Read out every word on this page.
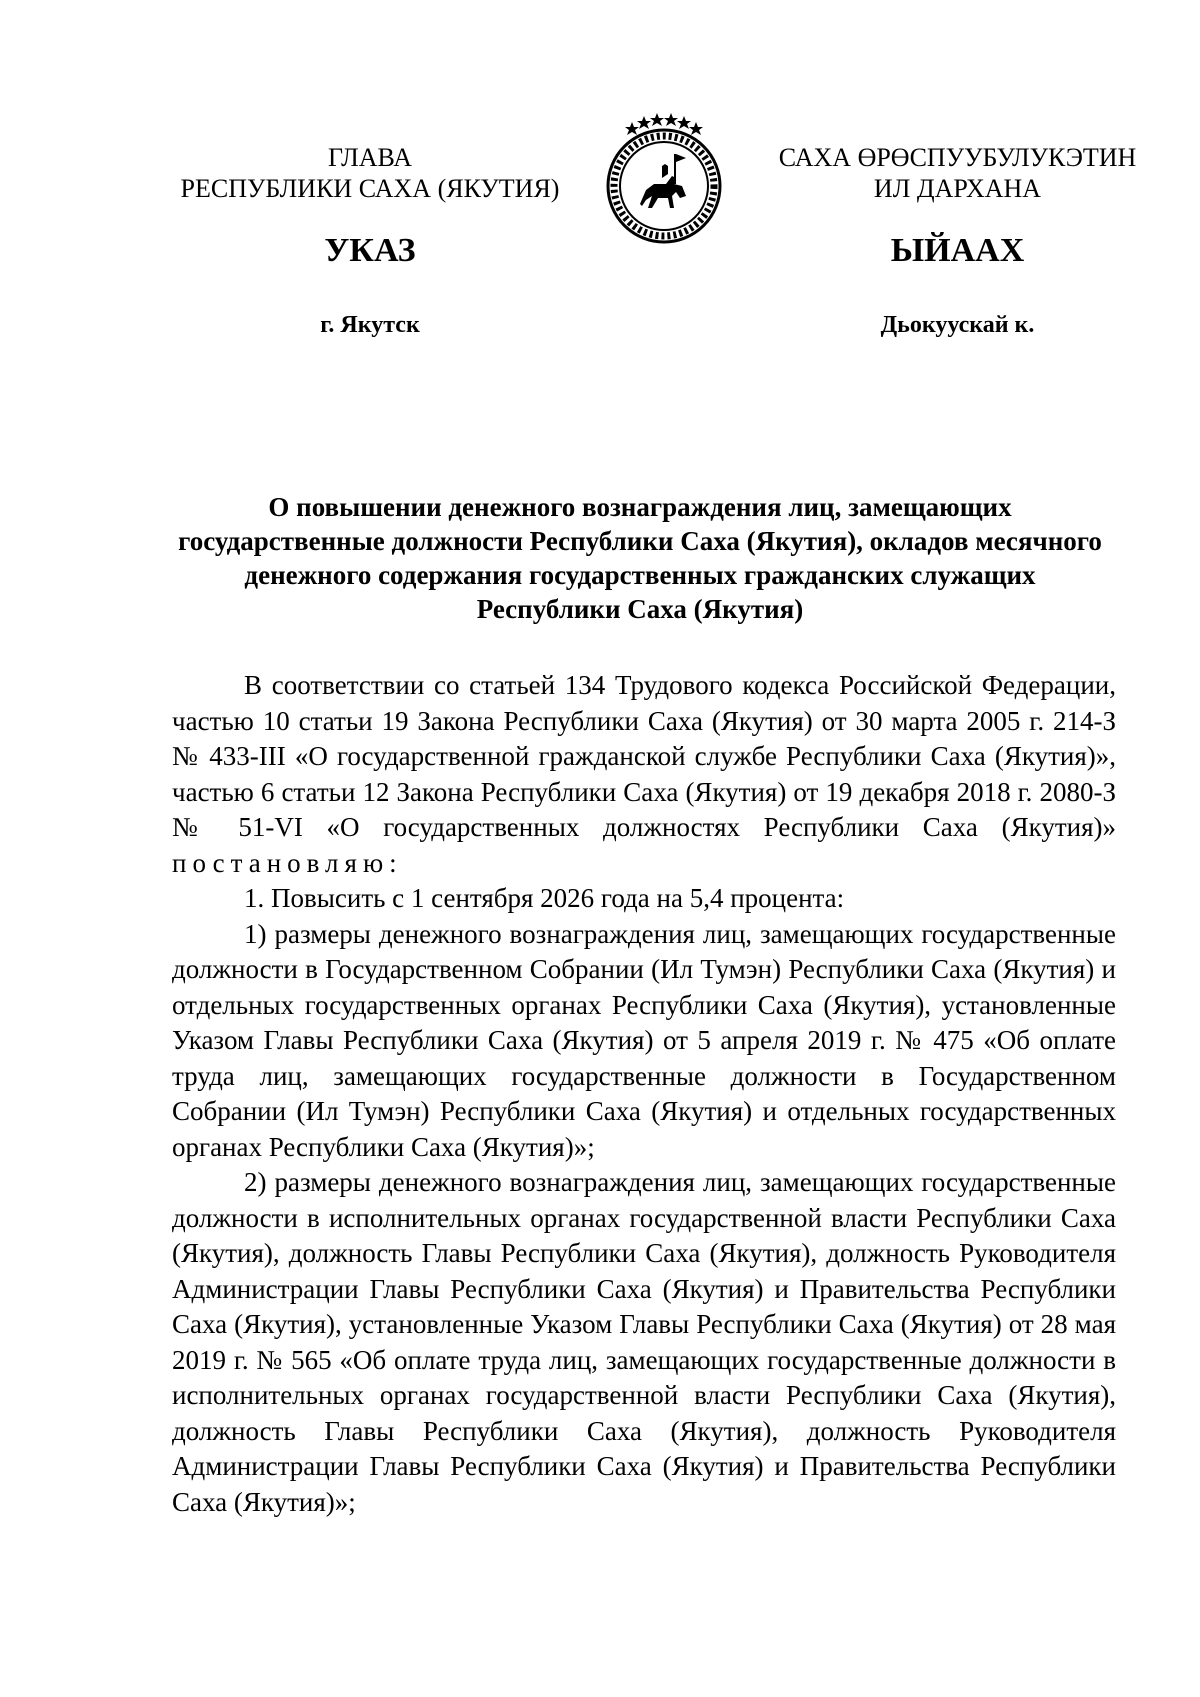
ГЛАВА
РЕСПУБЛИКИ САХА (ЯКУТИЯ)
САХА ӨРӨСПУУБУЛУКЭТИН
ИЛ ДАРХАНА
УКАЗ	ЫЙААХ
г. Якутск	Дьокуускай к.
О повышении денежного вознаграждения лиц, замещающих государственные должности Республики Саха (Якутия), окладов месячного денежного содержания государственных гражданских служащих Республики Саха (Якутия)

В соответствии со статьей 134 Трудового кодекса Российской Федерации, частью 10 статьи 19 Закона Республики Саха (Якутия) от 30 марта 2005 г. 214-З № 433-III «О государственной гражданской службе Республики Саха (Якутия)», частью 6 статьи 12 Закона Республики Саха (Якутия) от 19 декабря 2018 г. 2080-З № 51-VI «О государственных должностях Республики Саха (Якутия)» постановляю:

1. Повысить с 1 сентября 2026 года на 5,4 процента:

1) размеры денежного вознаграждения лиц, замещающих государственные должности в Государственном Собрании (Ил Тумэн) Республики Саха (Якутия) и отдельных государственных органах Республики Саха (Якутия), установленные Указом Главы Республики Саха (Якутия) от 5 апреля 2019 г. № 475 «Об оплате труда лиц, замещающих государственные должности в Государственном Собрании (Ил Тумэн) Республики Саха (Якутия) и отдельных государственных органах Республики Саха (Якутия)»;

2) размеры денежного вознаграждения лиц, замещающих государственные должности в исполнительных органах государственной власти Республики Саха (Якутия), должность Главы Республики Саха (Якутия), должность Руководителя Администрации Главы Республики Саха (Якутия) и Правительства Республики Саха (Якутия), установленные Указом Главы Республики Саха (Якутия) от 28 мая 2019 г. № 565 «Об оплате труда лиц, замещающих государственные должности в исполнительных органах государственной власти Республики Саха (Якутия), должность Главы Республики Саха (Якутия), должность Руководителя Администрации Главы Республики Саха (Якутия) и Правительства Республики Саха (Якутия)»;
